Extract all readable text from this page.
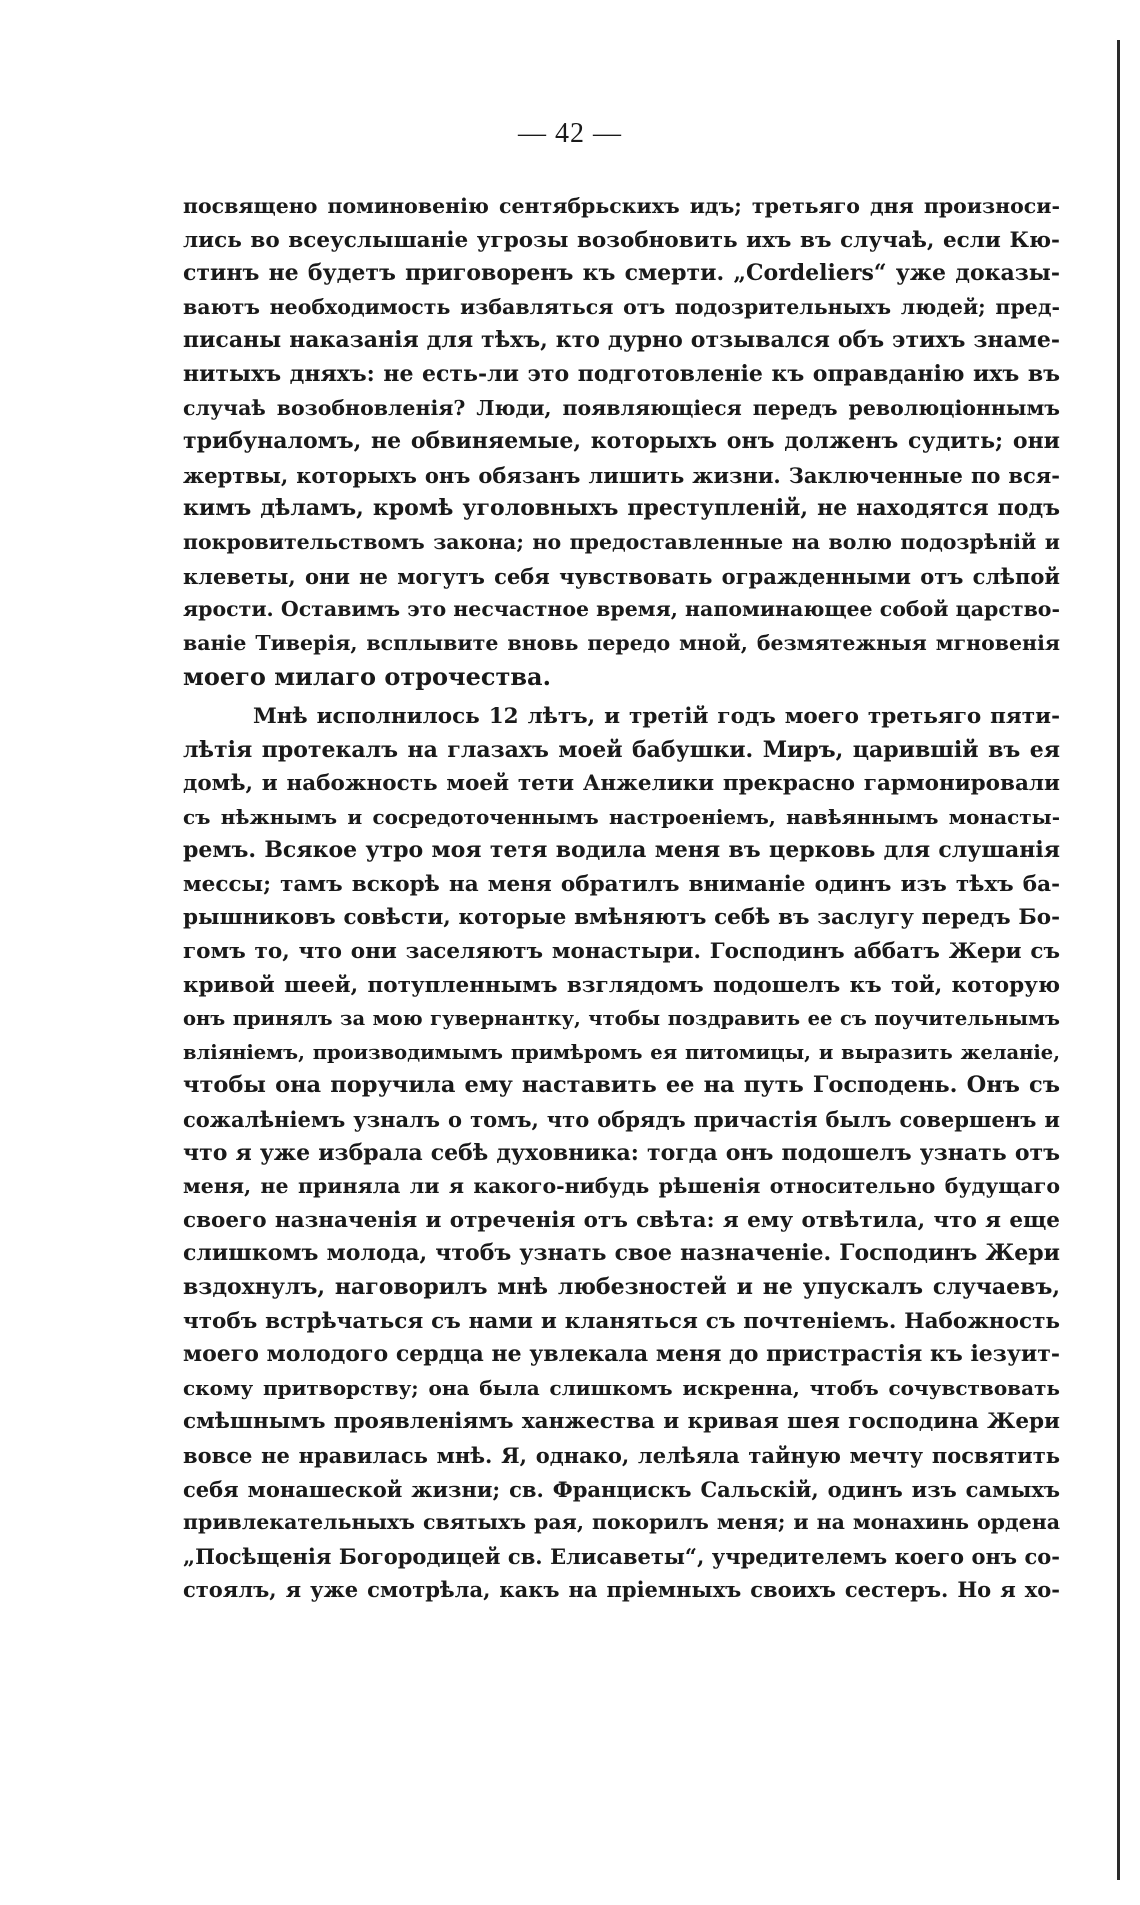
— 42 —
посвящено поминовенiю сентябрьскихъ идъ; третьяго дня произноси-
лись во всеуслышанiе угрозы возобновить ихъ въ случаѣ, если Кю-
стинъ не будетъ приговоренъ къ смерти. „Cordeliers“ уже доказы-
ваютъ необходимость избавляться отъ подозрительныхъ людей; пред-
писаны наказанiя для тѣхъ, кто дурно отзывался объ этихъ знаме-
нитыхъ дняхъ: не есть-ли это подготовленiе къ оправданiю ихъ въ
случаѣ возобновленiя? Люди, появляющiеся передъ революцiоннымъ
трибуналомъ, не обвиняемые, которыхъ онъ долженъ судить; они
жертвы, которыхъ онъ обязанъ лишить жизни. Заключенные по вся-
кимъ дѣламъ, кромѣ уголовныхъ преступленiй, не находятся подъ
покровительствомъ закона; но предоставленные на волю подозрѣнiй и
клеветы, они не могутъ себя чувствовать огражденными отъ слѣпой
ярости. Оставимъ это несчастное время, напоминающее собой царство-
ванiе Тиверiя, всплывите вновь передо мной, безмятежныя мгновенiя
моего милаго отрочества.
Мнѣ исполнилось 12 лѣтъ, и третiй годъ моего третьяго пяти-
лѣтiя протекалъ на глазахъ моей бабушки. Миръ, царившiй въ ея
домѣ, и набожность моей тети Анжелики прекрасно гармонировали
съ нѣжнымъ и сосредоточеннымъ настроенiемъ, навѣяннымъ монасты-
ремъ. Всякое утро моя тетя водила меня въ церковь для слушанiя
мессы; тамъ вскорѣ на меня обратилъ вниманiе одинъ изъ тѣхъ ба-
рышниковъ совѣсти, которые вмѣняютъ себѣ въ заслугу передъ Бо-
гомъ то, что они заселяютъ монастыри. Господинъ аббатъ Жери съ
кривой шеей, потупленнымъ взглядомъ подошелъ къ той, которую
онъ принялъ за мою гувернантку, чтобы поздравить ее съ поучительнымъ
влiянiемъ, производимымъ примѣромъ ея питомицы, и выразить желанiе,
чтобы она поручила ему наставить ее на путь Господень. Онъ съ
сожалѣнiемъ узналъ о томъ, что обрядъ причастiя былъ совершенъ и
что я уже избрала себѣ духовника: тогда онъ подошелъ узнать отъ
меня, не приняла ли я какого-нибудь рѣшенiя относительно будущаго
своего назначенiя и отреченiя отъ свѣта: я ему отвѣтила, что я еще
слишкомъ молода, чтобъ узнать свое назначенiе. Господинъ Жери
вздохнулъ, наговорилъ мнѣ любезностей и не упускалъ случаевъ,
чтобъ встрѣчаться съ нами и кланяться съ почтенiемъ. Набожность
моего молодого сердца не увлекала меня до пристрастiя къ iезуит-
скому притворству; она была слишкомъ искренна, чтобъ сочувствовать
смѣшнымъ проявленiямъ ханжества и кривая шея господина Жери
вовсе не нравилась мнѣ. Я, однако, лелѣяла тайную мечту посвятить
себя монашеской жизни; св. Францискъ Сальскiй, одинъ изъ самыхъ
привлекательныхъ святыхъ рая, покорилъ меня; и на монахинь ордена
„Посѣщенiя Богородицей св. Елисаветы“, учредителемъ коего онъ со-
стоялъ, я уже смотрѣла, какъ на прiемныхъ своихъ сестеръ. Но я хо-
